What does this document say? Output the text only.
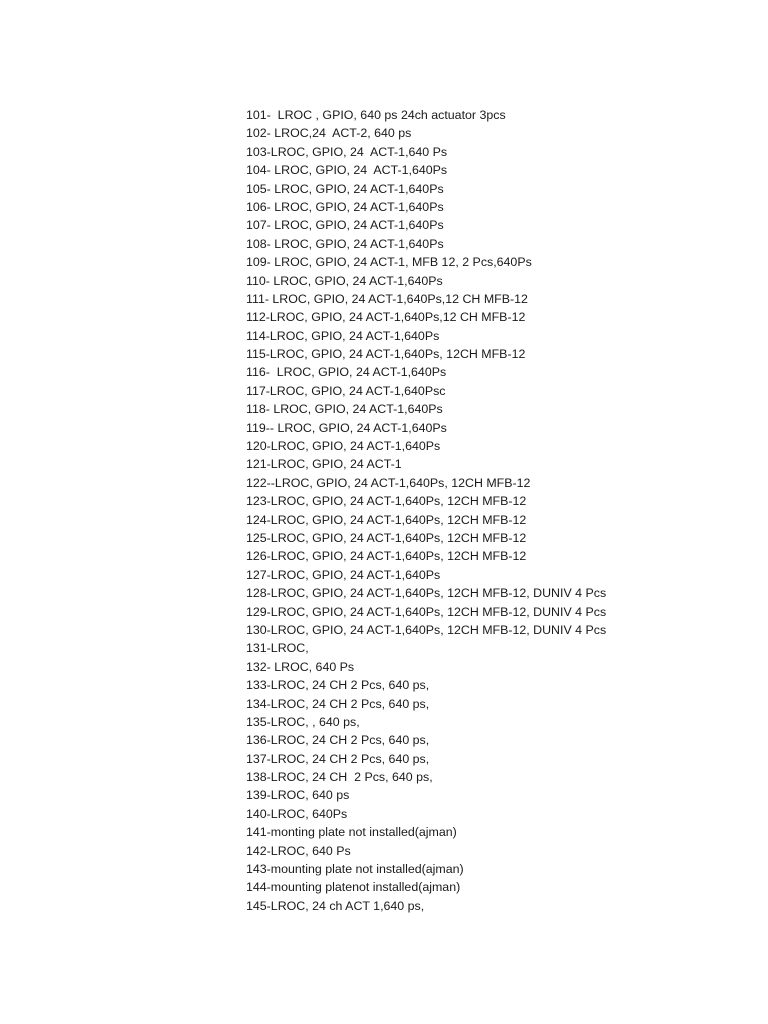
101-  LROC , GPIO, 640 ps 24ch actuator 3pcs
102- LROC,24  ACT-2, 640 ps
103-LROC, GPIO, 24  ACT-1,640 Ps
104- LROC, GPIO, 24  ACT-1,640Ps
105- LROC, GPIO, 24 ACT-1,640Ps
106- LROC, GPIO, 24 ACT-1,640Ps
107- LROC, GPIO, 24 ACT-1,640Ps
108- LROC, GPIO, 24 ACT-1,640Ps
109- LROC, GPIO, 24 ACT-1, MFB 12, 2 Pcs,640Ps
110- LROC, GPIO, 24 ACT-1,640Ps
111- LROC, GPIO, 24 ACT-1,640Ps,12 CH MFB-12
112-LROC, GPIO, 24 ACT-1,640Ps,12 CH MFB-12
114-LROC, GPIO, 24 ACT-1,640Ps
115-LROC, GPIO, 24 ACT-1,640Ps, 12CH MFB-12
116-  LROC, GPIO, 24 ACT-1,640Ps
117-LROC, GPIO, 24 ACT-1,640Psc
118- LROC, GPIO, 24 ACT-1,640Ps
119-- LROC, GPIO, 24 ACT-1,640Ps
120-LROC, GPIO, 24 ACT-1,640Ps
121-LROC, GPIO, 24 ACT-1
122--LROC, GPIO, 24 ACT-1,640Ps, 12CH MFB-12
123-LROC, GPIO, 24 ACT-1,640Ps, 12CH MFB-12
124-LROC, GPIO, 24 ACT-1,640Ps, 12CH MFB-12
125-LROC, GPIO, 24 ACT-1,640Ps, 12CH MFB-12
126-LROC, GPIO, 24 ACT-1,640Ps, 12CH MFB-12
127-LROC, GPIO, 24 ACT-1,640Ps
128-LROC, GPIO, 24 ACT-1,640Ps, 12CH MFB-12, DUNIV 4 Pcs
129-LROC, GPIO, 24 ACT-1,640Ps, 12CH MFB-12, DUNIV 4 Pcs
130-LROC, GPIO, 24 ACT-1,640Ps, 12CH MFB-12, DUNIV 4 Pcs
131-LROC,
132- LROC, 640 Ps
133-LROC, 24 CH 2 Pcs, 640 ps,
134-LROC, 24 CH 2 Pcs, 640 ps,
135-LROC, , 640 ps,
136-LROC, 24 CH 2 Pcs, 640 ps,
137-LROC, 24 CH 2 Pcs, 640 ps,
138-LROC, 24 CH  2 Pcs, 640 ps,
139-LROC, 640 ps
140-LROC, 640Ps
141-monting plate not installed(ajman)
142-LROC, 640 Ps
143-mounting plate not installed(ajman)
144-mounting platenot installed(ajman)
145-LROC, 24 ch ACT 1,640 ps,
